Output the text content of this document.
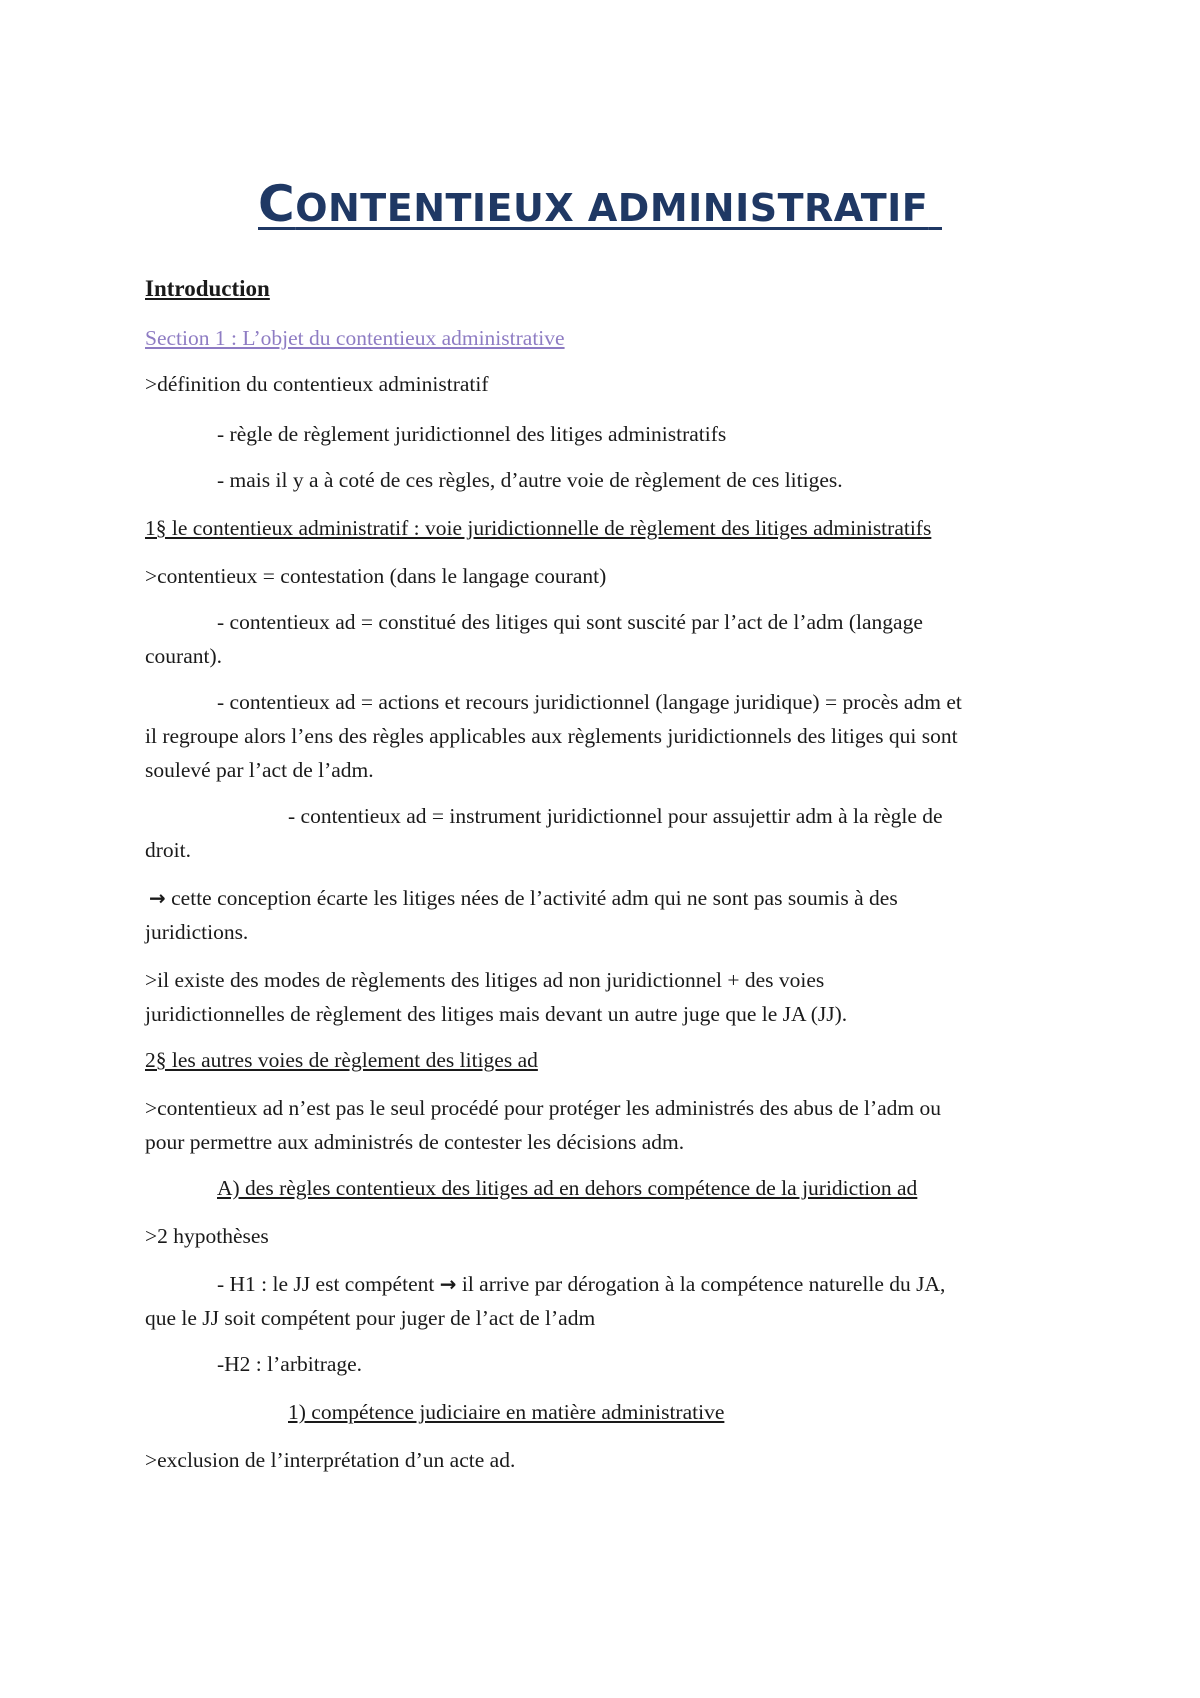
CONTENTIEUX ADMINISTRATIF
Introduction
Section 1 : L’objet du contentieux administrative
>définition du contentieux administratif
- règle de règlement juridictionnel des litiges administratifs
- mais il y a à coté de ces règles, d’autre voie de règlement de ces litiges.
1§ le contentieux administratif : voie juridictionnelle de règlement des litiges administratifs
>contentieux = contestation (dans le langage courant)
- contentieux ad = constitué des litiges qui sont suscité par l’act de l’adm (langage
courant).
- contentieux ad = actions et recours juridictionnel (langage juridique) = procès adm et
il regroupe alors l’ens des règles applicables aux règlements juridictionnels des litiges qui sont
soulevé par l’act de l’adm.
- contentieux ad = instrument juridictionnel pour assujettir adm à la règle de
droit.
→ cette conception écarte les litiges nées de l’activité adm qui ne sont pas soumis à des
juridictions.
>il existe des modes de règlements des litiges ad non juridictionnel + des voies
juridictionnelles de règlement des litiges mais devant un autre juge que le JA (JJ).
2§ les autres voies de règlement des litiges ad
>contentieux ad n’est pas le seul procédé pour protéger les administrés des abus de l’adm ou
pour permettre aux administrés de contester les décisions adm.
A) des règles contentieux des litiges ad en dehors compétence de la juridiction ad
>2 hypothèses
- H1 : le JJ est compétent → il arrive par dérogation à la compétence naturelle du JA,
que le JJ soit compétent pour juger de l’act de l’adm
-H2 : l’arbitrage.
1) compétence judiciaire en matière administrative
>exclusion de l’interprétation d’un acte ad.
